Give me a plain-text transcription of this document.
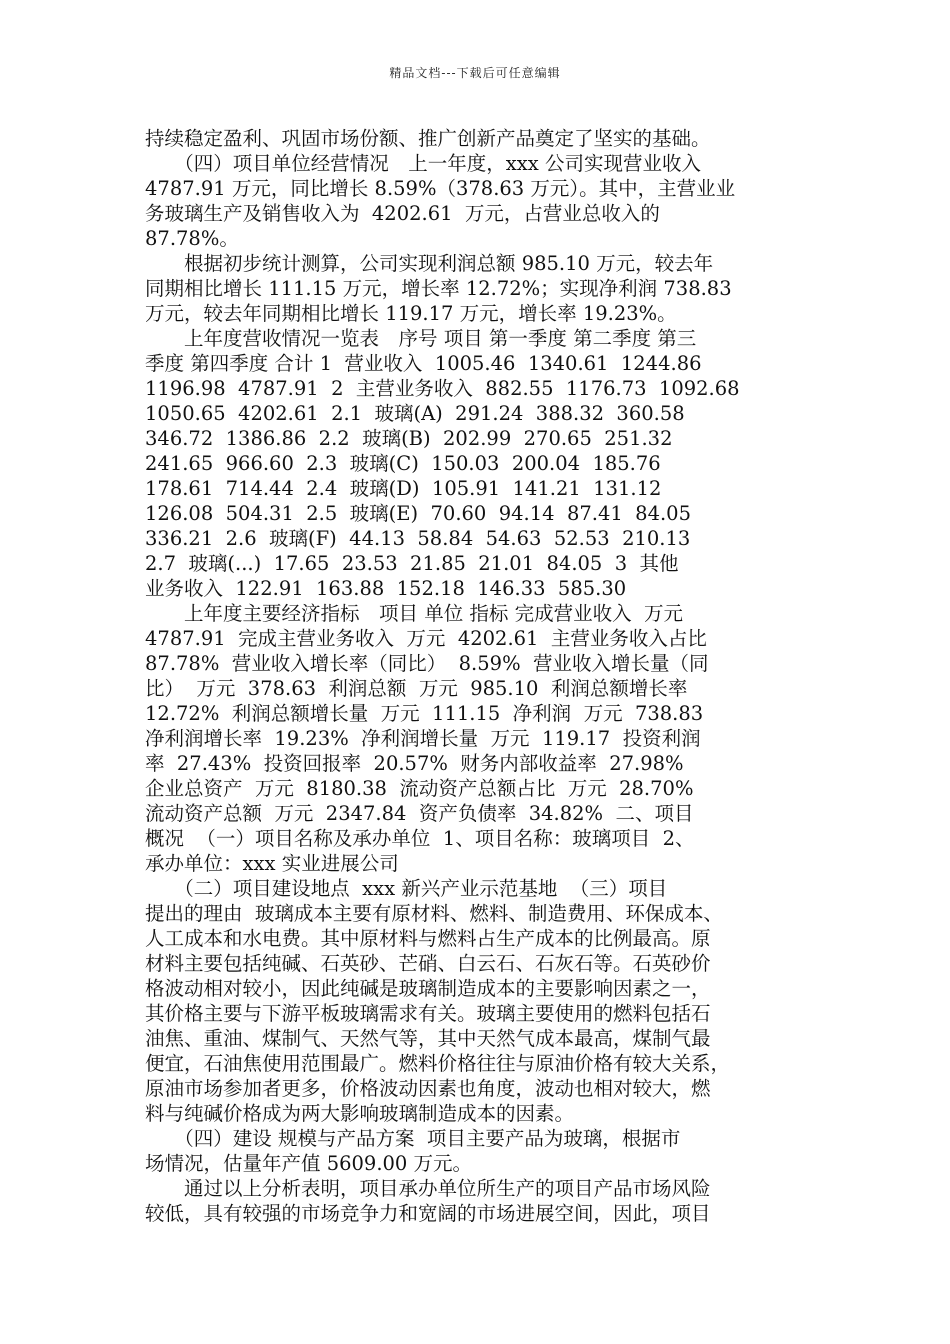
精品文档---下载后可任意编辑
持续稳定盈利、巩固市场份额、推广创新产品奠定了坚实的基础。
　　（四）项目单位经营情况　上一年度，xxx 公司实现营业收入
4787.91 万元，同比增长 8.59%（378.63 万元）。其中，主营业业
务玻璃生产及销售收入为  4202.61  万元，占营业总收入的
87.78%。
　　根据初步统计测算，公司实现利润总额 985.10 万元，较去年
同期相比增长 111.15 万元，增长率 12.72%；实现净利润 738.83
万元，较去年同期相比增长 119.17 万元，增长率 19.23%。
　　上年度营收情况一览表　序号 项目 第一季度 第二季度 第三
季度 第四季度 合计 1  营业收入  1005.46  1340.61  1244.86
1196.98  4787.91  2  主营业务收入  882.55  1176.73  1092.68
1050.65  4202.61  2.1  玻璃(A)  291.24  388.32  360.58
346.72  1386.86  2.2  玻璃(B)  202.99  270.65  251.32
241.65  966.60  2.3  玻璃(C)  150.03  200.04  185.76
178.61  714.44  2.4  玻璃(D)  105.91  141.21  131.12
126.08  504.31  2.5  玻璃(E)  70.60  94.14  87.41  84.05
336.21  2.6  玻璃(F)  44.13  58.84  54.63  52.53  210.13
2.7  玻璃(...)  17.65  23.53  21.85  21.01  84.05  3  其他
业务收入  122.91  163.88  152.18  146.33  585.30
　　上年度主要经济指标　项目 单位 指标 完成营业收入  万元
4787.91  完成主营业务收入  万元  4202.61  主营业务收入占比
87.78%  营业收入增长率（同比）  8.59%  营业收入增长量（同
比）  万元  378.63  利润总额  万元  985.10  利润总额增长率
12.72%  利润总额增长量  万元  111.15  净利润  万元  738.83
净利润增长率  19.23%  净利润增长量  万元  119.17  投资利润
率  27.43%  投资回报率  20.57%  财务内部收益率  27.98%
企业总资产  万元  8180.38  流动资产总额占比  万元  28.70%
流动资产总额  万元  2347.84  资产负债率  34.82%  二、项目
概况  （一）项目名称及承办单位  1、项目名称：玻璃项目  2、
承办单位：xxx 实业进展公司
　　（二）项目建设地点  xxx 新兴产业示范基地  （三）项目
提出的理由  玻璃成本主要有原材料、燃料、制造费用、环保成本、
人工成本和水电费。其中原材料与燃料占生产成本的比例最高。原
材料主要包括纯碱、石英砂、芒硝、白云石、石灰石等。石英砂价
格波动相对较小，因此纯碱是玻璃制造成本的主要影响因素之一，
其价格主要与下游平板玻璃需求有关。玻璃主要使用的燃料包括石
油焦、重油、煤制气、天然气等，其中天然气成本最高，煤制气最
便宜，石油焦使用范围最广。燃料价格往往与原油价格有较大关系，
原油市场参加者更多，价格波动因素也角度，波动也相对较大，燃
料与纯碱价格成为两大影响玻璃制造成本的因素。
　　（四）建设 规模与产品方案  项目主要产品为玻璃，根据市
场情况，估量年产值 5609.00 万元。
　　通过以上分析表明，项目承办单位所生产的项目产品市场风险
较低，具有较强的市场竞争力和宽阔的市场进展空间，因此，项目
